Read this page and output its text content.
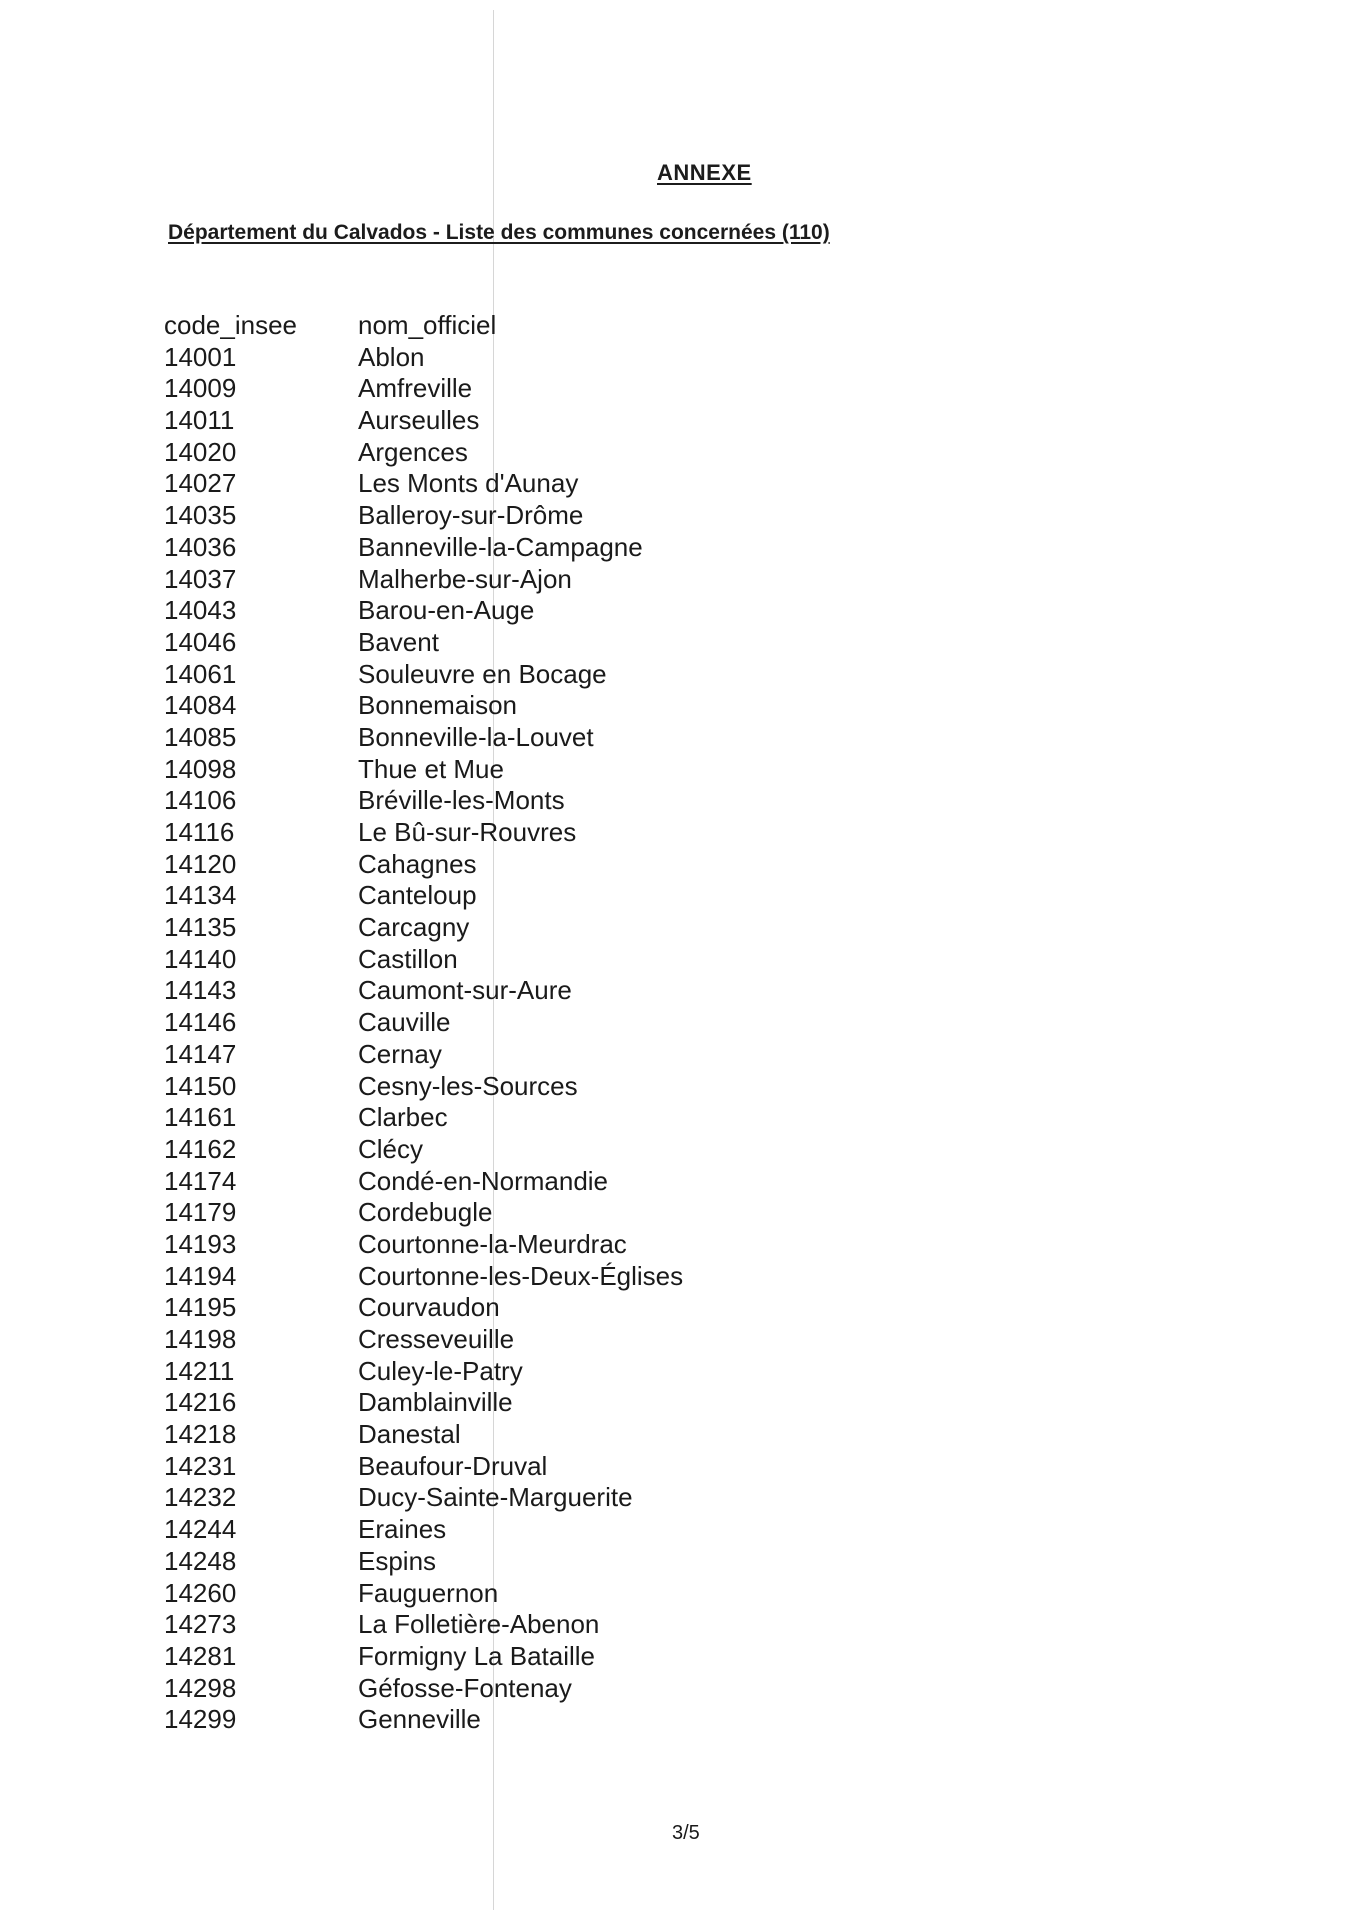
ANNEXE
Département du Calvados - Liste des communes concernées (110)
code_insee nom_officiel
14001	Ablon
14009	Amfreville
14011	Aurseulles
14020	Argences
14027	Les Monts d'Aunay
14035	Balleroy-sur-Drôme
14036	Banneville-la-Campagne
14037	Malherbe-sur-Ajon
14043	Barou-en-Auge
14046	Bavent
14061	Souleuvre en Bocage
14084	Bonnemaison
14085	Bonneville-la-Louvet
14098	Thue et Mue
14106	Bréville-les-Monts
14116	Le Bû-sur-Rouvres
14120	Cahagnes
14134	Canteloup
14135	Carcagny
14140	Castillon
14143	Caumont-sur-Aure
14146	Cauville
14147	Cernay
14150	Cesny-les-Sources
14161	Clarbec
14162	Clécy
14174	Condé-en-Normandie
14179	Cordebugle
14193	Courtonne-la-Meurdrac
14194	Courtonne-les-Deux-Églises
14195	Courvaudon
14198	Cresseveuille
14211	Culey-le-Patry
14216	Damblainville
14218	Danestal
14231	Beaufour-Druval
14232	Ducy-Sainte-Marguerite
14244	Eraines
14248	Espins
14260	Fauguernon
14273	La Folletière-Abenon
14281	Formigny La Bataille
14298	Géfosse-Fontenay
14299	Genneville
3/5
